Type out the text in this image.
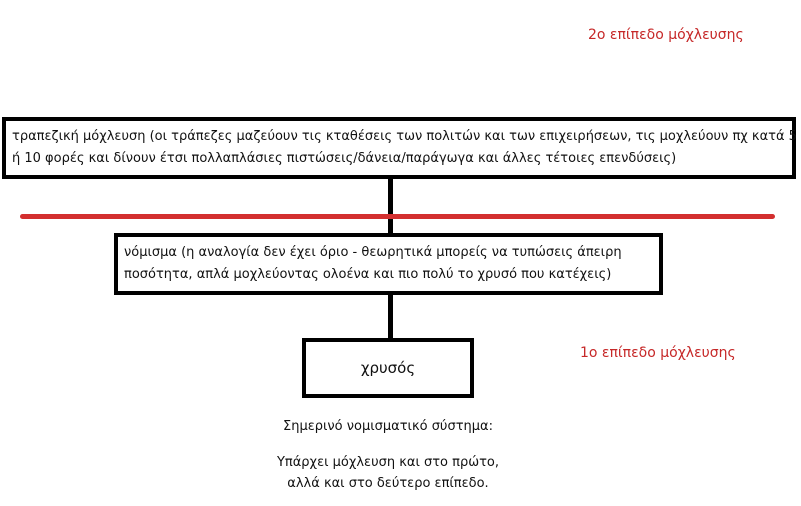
2ο επίπεδο μόχλευσης
τραπεζική μόχλευση (οι τράπεζες μαζεύουν τις κταθέσεις των πολιτών και των επιχειρήσεων, τις μοχλεύουν πχ κατά 5
ή 10 φορές και δίνουν έτσι πολλαπλάσιες πιστώσεις/δάνεια/παράγωγα και άλλες τέτοιες επενδύσεις)
νόμισμα (η αναλογία δεν έχει όριο - θεωρητικά μπορείς να τυπώσεις άπειρη
ποσότητα, απλά μοχλεύοντας ολοένα και πιο πολύ το χρυσό που κατέχεις)
χρυσός
1ο επίπεδο μόχλευσης
Σημερινό νομισματικό σύστημα:
Υπάρχει μόχλευση και στο πρώτο,
αλλά και στο δεύτερο επίπεδο.
